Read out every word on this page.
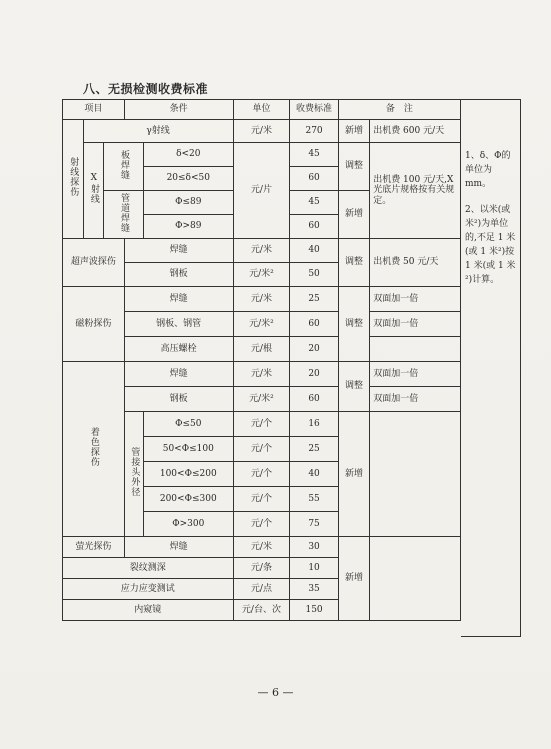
八、无损检测收费标准
项目			条件		单位	收费标准	备　注	
射线探伤	γ射线				元/米	270	新增	出机费 600 元/天
	X射线	板焊缝		δ<20	元/片	45	调整	出机费 100 元/天,X 光底片规格按有关规定。
				20≤δ<50		60		
		管道焊缝		Φ≤89		45	新增	
				Φ>89		60		
超声波探伤			焊缝		元/米	40	调整	出机费 50 元/天
			钢板		元/米²	50		
磁粉探伤			焊缝		元/米	25	调整	双面加一倍
			钢板、钢管		元/米²	60		双面加一倍
			高压螺栓		元/根	20		
着色探伤			焊缝		元/米	20	调整	双面加一倍
			钢板		元/米²	60		双面加一倍
			管接头外径	Φ≤50	元/个	16	新增	
				50<Φ≤100	元/个	25		
				100<Φ≤200	元/个	40		
				200<Φ≤300	元/个	55		
				Φ>300	元/个	75		
萤光探伤			焊缝		元/米	30	新增	
裂纹测深					元/条	10		
应力应变测试					元/点	35		
内窥镜					元/台、次	150		

1、δ、Φ的单位为 mm。

2、以米(或米²)为单位的,不足 1 米(或 1 米²)按 1 米(或 1 米²)计算。

— 6 —
